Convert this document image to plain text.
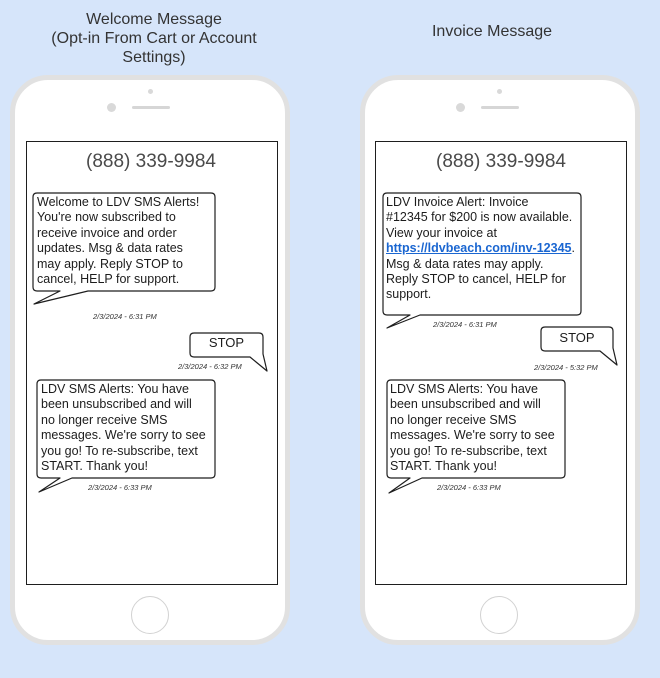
Welcome Message
(Opt-in From Cart or Account
Settings)
Invoice Message
(888) 339-9984
Welcome to LDV SMS Alerts!
You're now subscribed to
receive invoice and order
updates. Msg & data rates
may apply. Reply STOP to
cancel, HELP for support.
2/3/2024 - 6:31 PM
STOP
2/3/2024 - 6:32 PM
LDV SMS Alerts: You have
been unsubscribed and will
no longer receive SMS
messages. We're sorry to see
you go! To re-subscribe, text
START. Thank you!
2/3/2024 - 6:33 PM
(888) 339-9984
LDV Invoice Alert: Invoice
#12345 for $200 is now available.
View your invoice at
https://ldvbeach.com/inv-12345.
Msg & data rates may apply.
Reply STOP to cancel, HELP for
support.
2/3/2024 - 6:31 PM
STOP
2/3/2024 - 5:32 PM
LDV SMS Alerts: You have
been unsubscribed and will
no longer receive SMS
messages. We're sorry to see
you go! To re-subscribe, text
START. Thank you!
2/3/2024 - 6:33 PM
